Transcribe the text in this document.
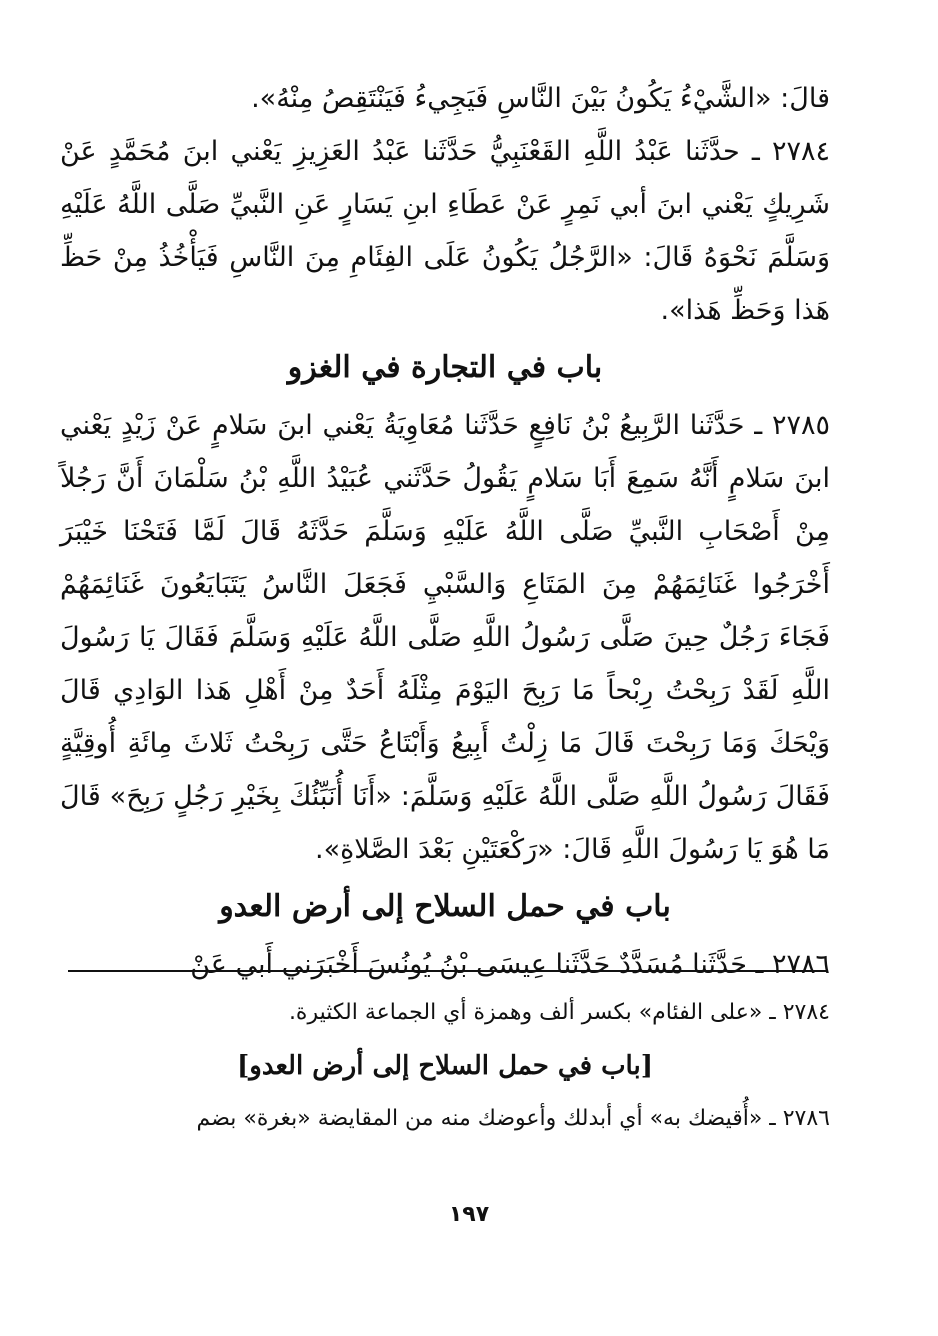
قالَ: «الشَّيْءُ يَكُونُ بَيْنَ النَّاسِ فَيَجِيءُ فَيَنْتَقِصُ مِنْهُ».

٢٧٨٤ ـ حدَّثَنا عَبْدُ اللَّهِ القَعْنَبِيُّ حَدَّثَنا عَبْدُ العَزِيزِ يَعْني ابنَ مُحَمَّدٍ عَنْ شَرِيكٍ يَعْني ابنَ أبي نَمِرٍ عَنْ عَطَاءِ ابنِ يَسَارٍ عَنِ النَّبيِّ صَلَّى اللَّهُ عَلَيْهِ وَسَلَّمَ نَحْوَهُ قَالَ: «الرَّجُلُ يَكُونُ عَلَى الفِئَامِ مِنَ النَّاسِ فَيَأْخُذُ مِنْ حَظِّ هَذا وَحَظِّ هَذا».

باب في التجارة في الغزو

٢٧٨٥ ـ حَدَّثَنا الرَّبِيعُ بْنُ نَافِعٍ حَدَّثَنا مُعَاوِيَةُ يَعْني ابنَ سَلامٍ عَنْ زَيْدٍ يَعْني ابنَ سَلامٍ أَنَّهُ سَمِعَ أَبَا سَلامٍ يَقُولُ حَدَّثَني عُبَيْدُ اللَّهِ بْنُ سَلْمَانَ أَنَّ رَجُلاً مِنْ أَصْحَابِ النَّبيِّ صَلَّى اللَّهُ عَلَيْهِ وَسَلَّمَ حَدَّثَهُ قَالَ لَمَّا فَتَحْنَا خَيْبَرَ أَخْرَجُوا غَنَائِمَهُمْ مِنَ المَتَاعِ وَالسَّبْيِ فَجَعَلَ النَّاسُ يَتَبَايَعُونَ غَنَائِمَهُمْ فَجَاءَ رَجُلٌ حِينَ صَلَّى رَسُولُ اللَّهِ صَلَّى اللَّهُ عَلَيْهِ وَسَلَّمَ فَقَالَ يَا رَسُولَ اللَّهِ لَقَدْ رَبِحْتُ رِبْحاً مَا رَبِحَ اليَوْمَ مِثْلَهُ أَحَدٌ مِنْ أَهْلِ هَذا الوَادِي قَالَ وَيْحَكَ وَمَا رَبِحْتَ قَالَ مَا زِلْتُ أَبِيعُ وَأَبْتَاعُ حَتَّى رَبِحْتُ ثَلاثَ مِائَةِ أُوقِيَّةٍ فَقَالَ رَسُولُ اللَّهِ صَلَّى اللَّهُ عَلَيْهِ وَسَلَّمَ: «أَنَا أُنَبِّئُكَ بِخَيْرِ رَجُلٍ رَبِحَ» قَالَ مَا هُوَ يَا رَسُولَ اللَّهِ قَالَ: «رَكْعَتَيْنِ بَعْدَ الصَّلاةِ».

باب في حمل السلاح إلى أرض العدو

٢٧٨٦ ـ حَدَّثَنا مُسَدَّدٌ حَدَّثَنا عِيسَى بْنُ يُونُسَ أَخْبَرَني أَبي عَنْ

٢٧٨٤ ـ «على الفئام» بكسر ألف وهمزة أي الجماعة الكثيرة.

[باب في حمل السلاح إلى أرض العدو]

٢٧٨٦ ـ «أُقيضك به» أي أبدلك وأعوضك منه من المقايضة «بغرة» بضم

١٩٧
